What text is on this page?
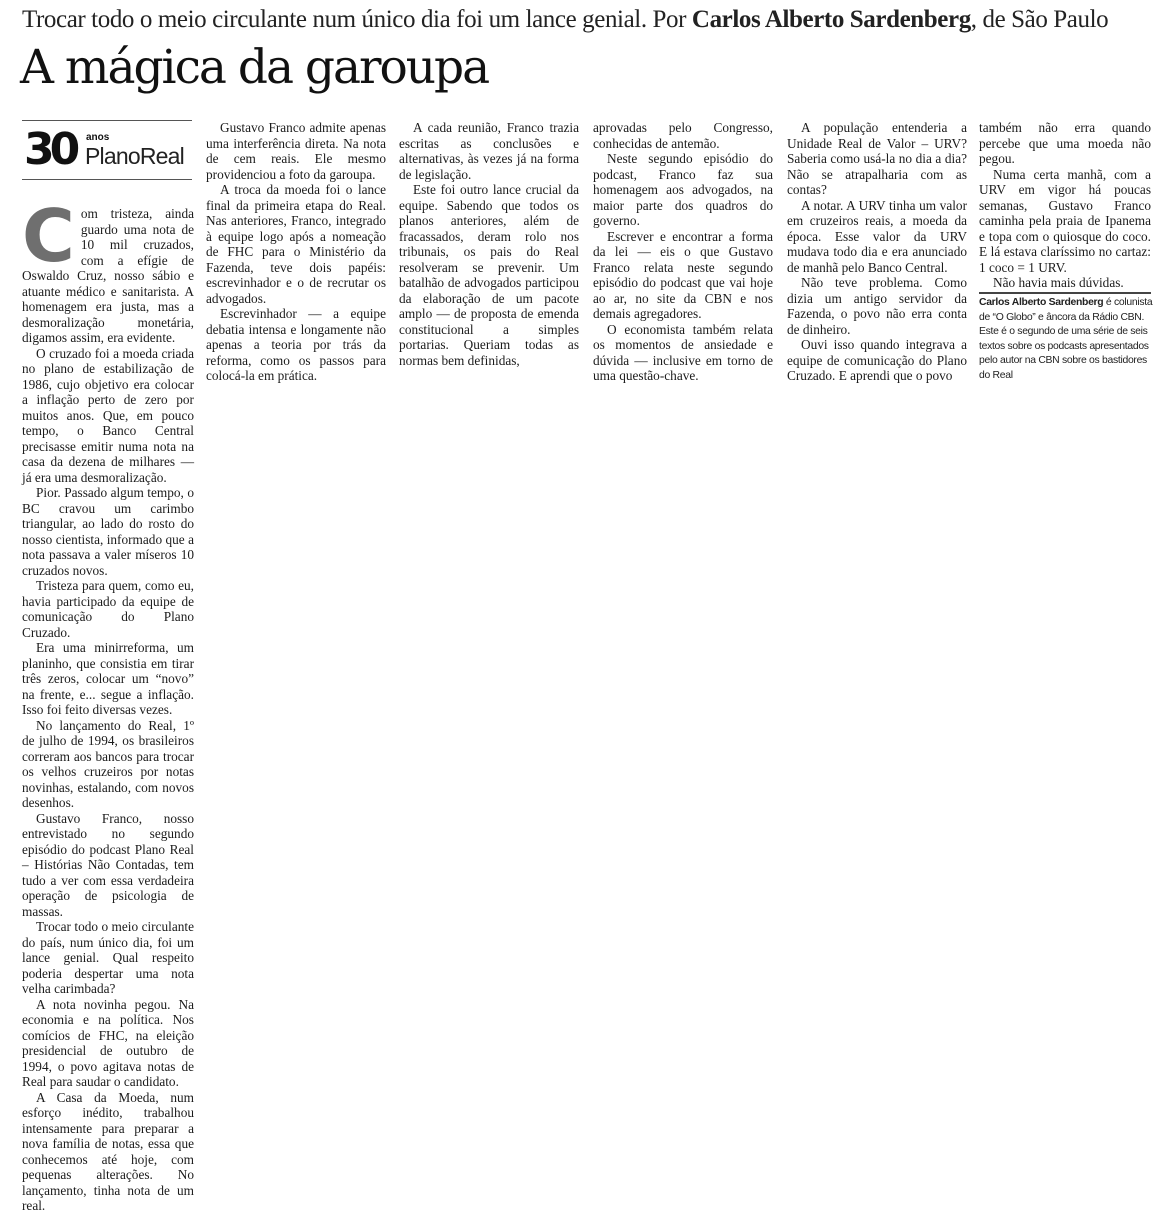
Trocar todo o meio circulante num único dia foi um lance genial. Por Carlos Alberto Sardenberg, de São Paulo
A mágica da garoupa
30 anos
PlanoReal
C om tristeza, ainda guardo uma nota de 10 mil cruzados, com a efígie de Oswaldo Cruz, nosso sábio e atuante médico e sanitarista. A homenagem era justa, mas a desmoralização monetária, digamos assim, era evidente.

O cruzado foi a moeda criada no plano de estabilização de 1986, cujo objetivo era colocar a inflação perto de zero por muitos anos. Que, em pouco tempo, o Banco Central precisasse emitir numa nota na casa da dezena de milhares — já era uma desmoralização.

Pior. Passado algum tempo, o BC cravou um carimbo triangular, ao lado do rosto do nosso cientista, informado que a nota passava a valer míseros 10 cruzados novos.

Tristeza para quem, como eu, havia participado da equipe de comunicação do Plano Cruzado.

Era uma minirreforma, um planinho, que consistia em tirar três zeros, colocar um “novo” na frente, e... segue a inflação. Isso foi feito diversas vezes.

No lançamento do Real, 1º de julho de 1994, os brasileiros correram aos bancos para trocar os velhos cruzeiros por notas novinhas, estalando, com novos desenhos.

Gustavo Franco, nosso entrevistado no segundo episódio do podcast Plano Real – Histórias Não Contadas, tem tudo a ver com essa verdadeira operação de psicologia de massas.

Trocar todo o meio circulante do país, num único dia, foi um lance genial. Qual respeito poderia despertar uma nota velha carimbada?

A nota novinha pegou. Na economia e na política. Nos comícios de FHC, na eleição presidencial de outubro de 1994, o povo agitava notas de Real para saudar o candidato.

A Casa da Moeda, num esforço inédito, trabalhou intensamente para preparar a nova família de notas, essa que conhecemos até hoje, com pequenas alterações. No lançamento, tinha nota de um real.

Gustavo Franco admite apenas uma interferência direta. Na nota de cem reais. Ele mesmo providenciou a foto da garoupa.

A troca da moeda foi o lance final da primeira etapa do Real. Nas anteriores, Franco, integrado à equipe logo após a nomeação de FHC para o Ministério da Fazenda, teve dois papéis: escrevinhador e o de recrutar os advogados.

Escrevinhador — a equipe debatia intensa e longamente não apenas a teoria por trás da reforma, como os passos para colocá-la em prática.

A cada reunião, Franco trazia escritas as conclusões e alternativas, às vezes já na forma de legislação.

Este foi outro lance crucial da equipe. Sabendo que todos os planos anteriores, além de fracassados, deram rolo nos tribunais, os pais do Real resolveram se prevenir. Um batalhão de advogados participou da elaboração de um pacote amplo — de proposta de emenda constitucional a simples portarias. Queriam todas as normas bem definidas,

aprovadas pelo Congresso, conhecidas de antemão.

Neste segundo episódio do podcast, Franco faz sua homenagem aos advogados, na maior parte dos quadros do governo.

Escrever e encontrar a forma da lei — eis o que Gustavo Franco relata neste segundo episódio do podcast que vai hoje ao ar, no site da CBN e nos demais agregadores.

O economista também relata os momentos de ansiedade e dúvida — inclusive em torno de uma questão-chave.

A população entenderia a Unidade Real de Valor – URV? Saberia como usá-la no dia a dia? Não se atrapalharia com as contas?

A notar. A URV tinha um valor em cruzeiros reais, a moeda da época. Esse valor da URV mudava todo dia e era anunciado de manhã pelo Banco Central.

Não teve problema. Como dizia um antigo servidor da Fazenda, o povo não erra conta de dinheiro.

Ouvi isso quando integrava a equipe de comunicação do Plano Cruzado. E aprendi que o povo

também não erra quando percebe que uma moeda não pegou.

Numa certa manhã, com a URV em vigor há poucas semanas, Gustavo Franco caminha pela praia de Ipanema e topa com o quiosque do coco. E lá estava claríssimo no cartaz: 1 coco = 1 URV.

Não havia mais dúvidas.

Carlos Alberto Sardenberg é colunista de “O Globo” e âncora da Rádio CBN. Este é o segundo de uma série de seis textos sobre os podcasts apresentados pelo autor na CBN sobre os bastidores do Real
